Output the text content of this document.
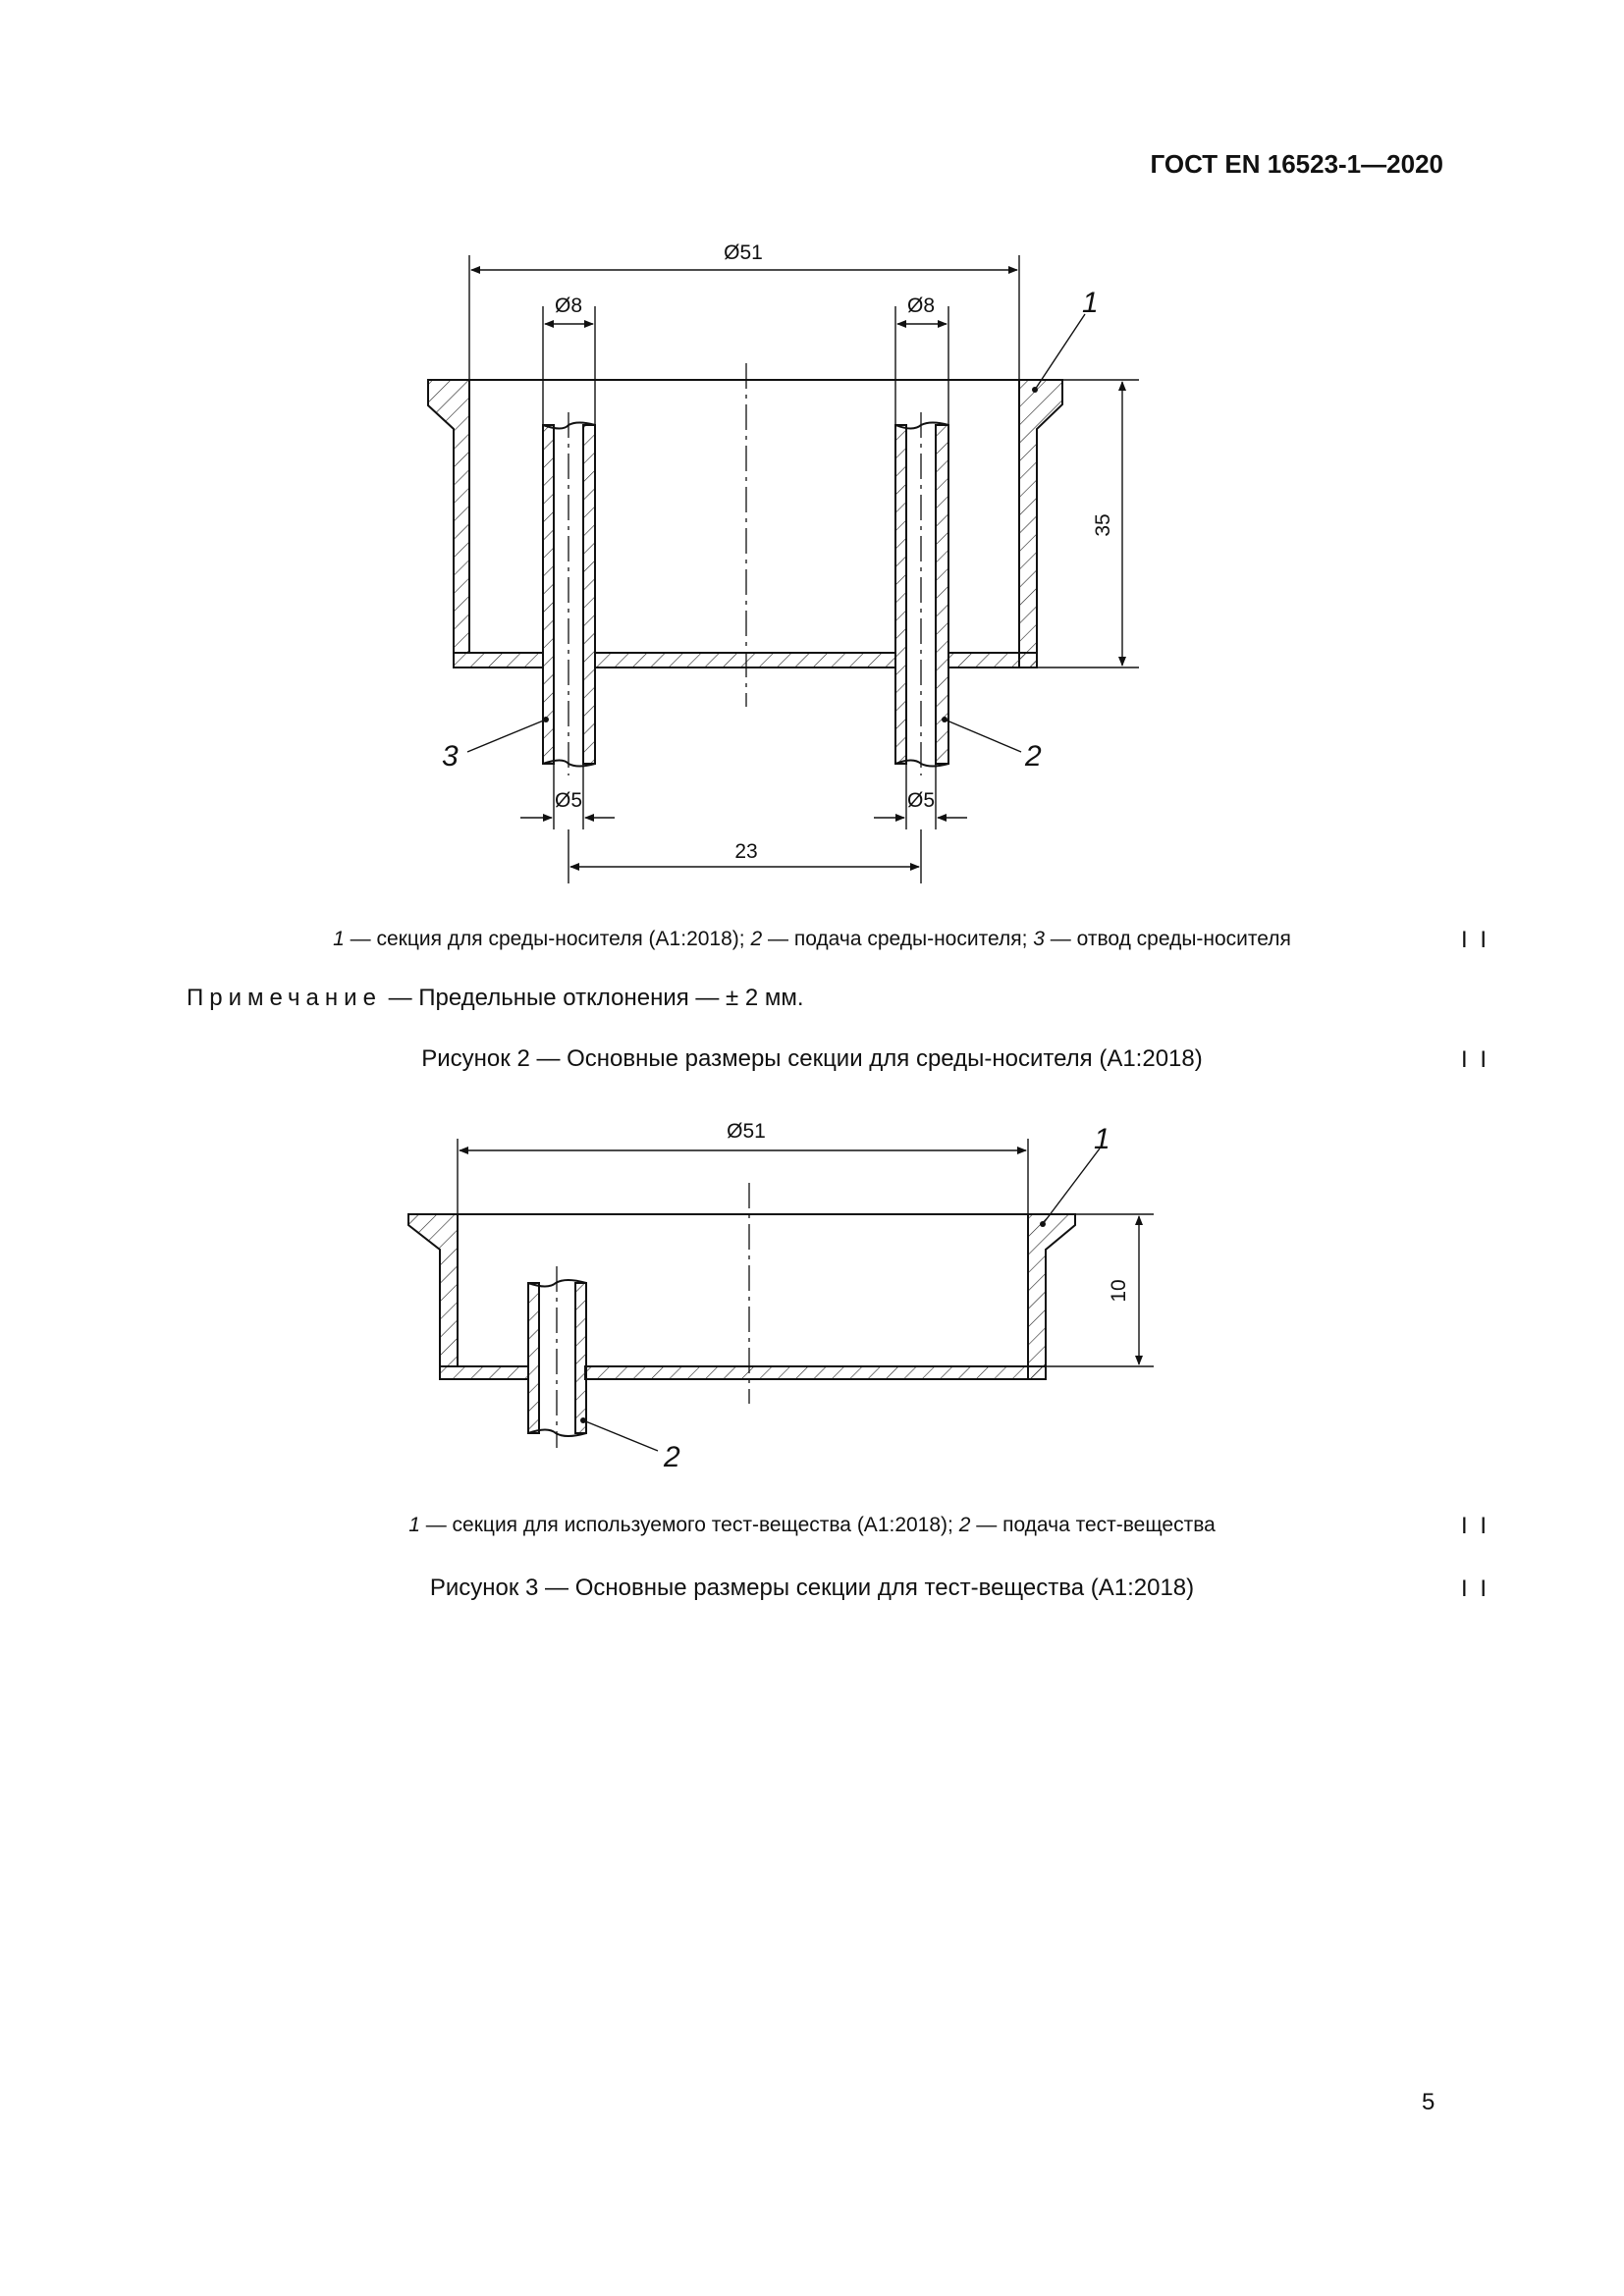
ГОСТ EN 16523-1—2020
Ø51
Ø8	Ø8
35
Ø5	Ø5
23
1
2
3
1 — секция для среды-носителя (А1:2018); 2 — подача среды-носителя; 3 — отвод среды-носителя	I I
Примечание — Предельные отклонения — ± 2 мм.
Рисунок 2 — Основные размеры секции для среды-носителя (А1:2018)	I I
Ø51
10
1
2
1 — секция для используемого тест-вещества (А1:2018); 2 — подача тест-вещества	I I
Рисунок 3 — Основные размеры секции для тест-вещества (А1:2018)	I I
5
